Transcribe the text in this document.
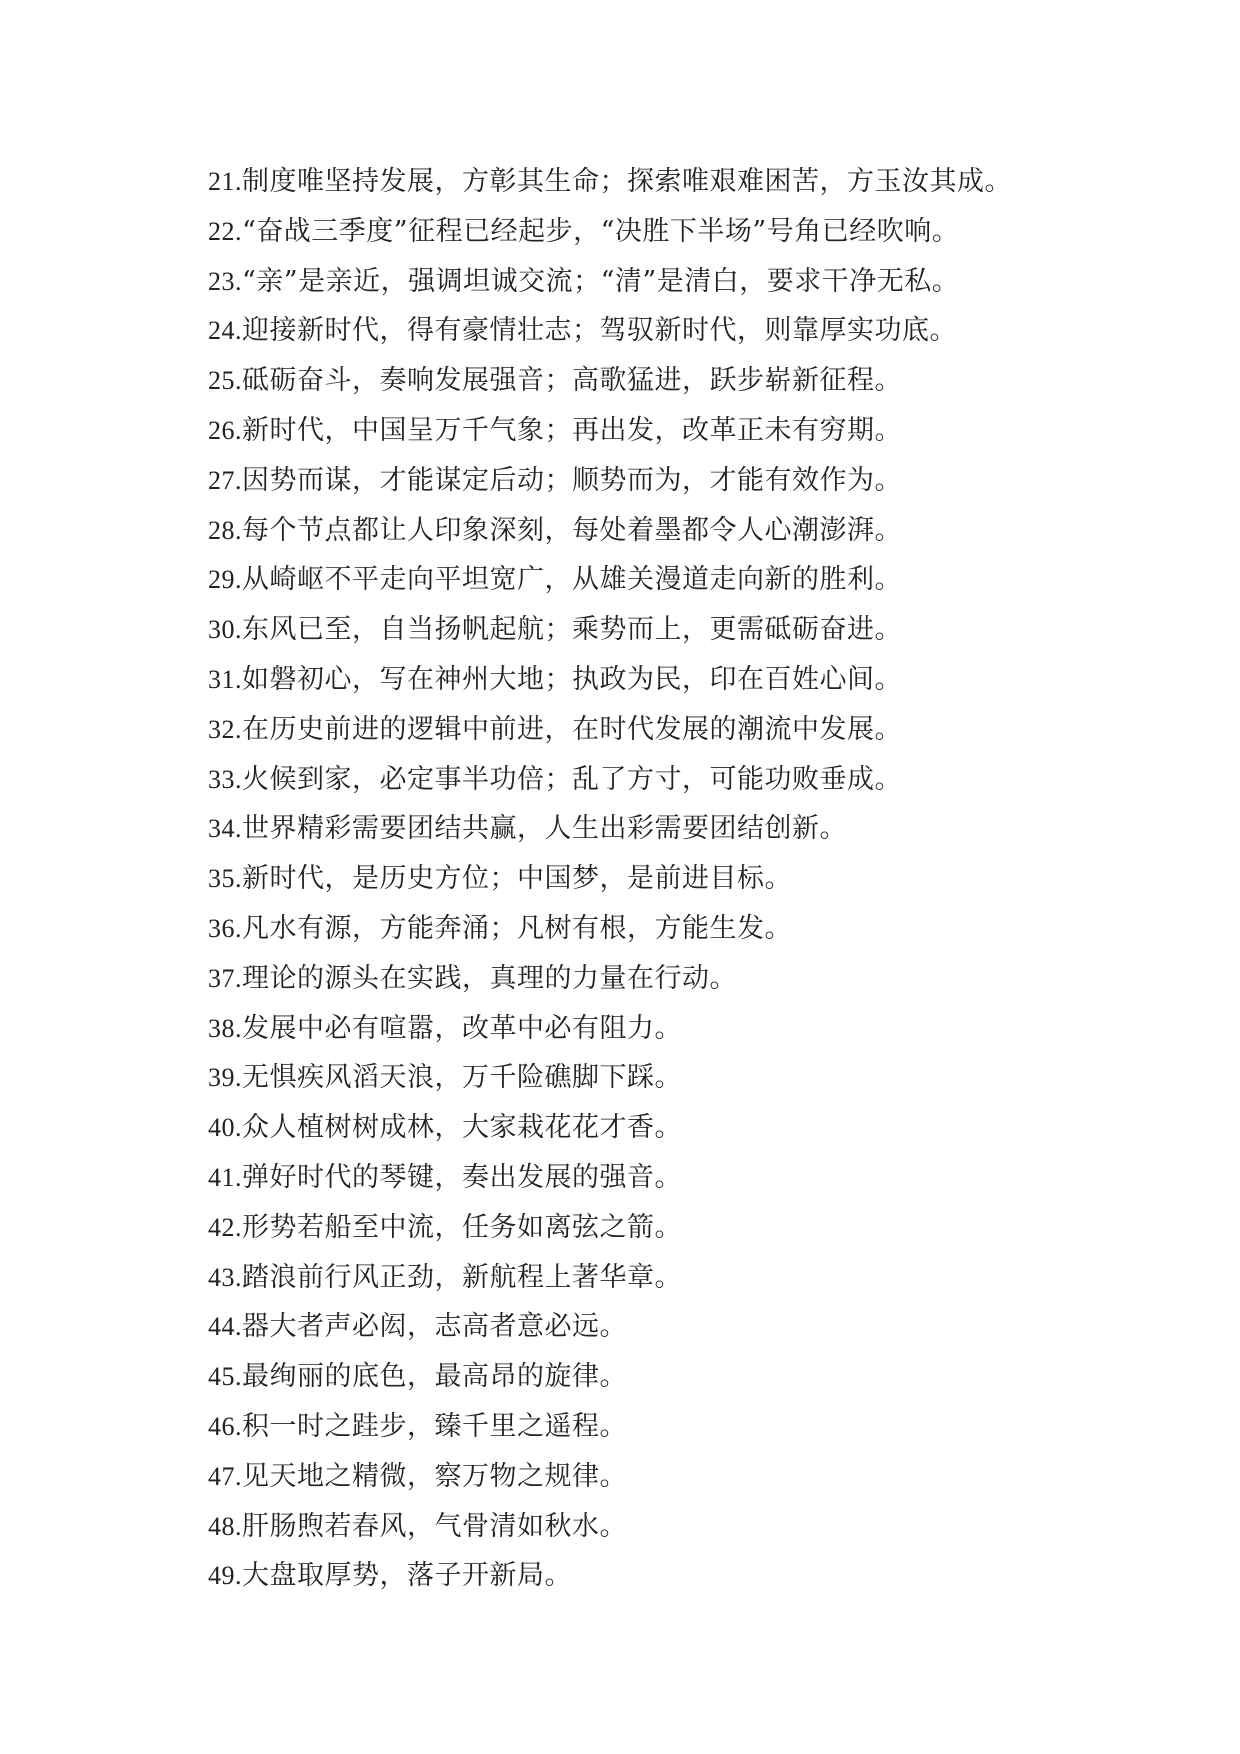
21.制度唯坚持发展，方彰其生命；探索唯艰难困苦，方玉汝其成。
22.“奋战三季度”征程已经起步，“决胜下半场”号角已经吹响。
23.“亲”是亲近，强调坦诚交流；“清”是清白，要求干净无私。
24.迎接新时代，得有豪情壮志；驾驭新时代，则靠厚实功底。
25.砥砺奋斗，奏响发展强音；高歌猛进，跃步崭新征程。
26.新时代，中国呈万千气象；再出发，改革正未有穷期。
27.因势而谋，才能谋定后动；顺势而为，才能有效作为。
28.每个节点都让人印象深刻，每处着墨都令人心潮澎湃。
29.从崎岖不平走向平坦宽广，从雄关漫道走向新的胜利。
30.东风已至，自当扬帆起航；乘势而上，更需砥砺奋进。
31.如磐初心，写在神州大地；执政为民，印在百姓心间。
32.在历史前进的逻辑中前进，在时代发展的潮流中发展。
33.火候到家，必定事半功倍；乱了方寸，可能功败垂成。
34.世界精彩需要团结共赢，人生出彩需要团结创新。
35.新时代，是历史方位；中国梦，是前进目标。
36.凡水有源，方能奔涌；凡树有根，方能生发。
37.理论的源头在实践，真理的力量在行动。
38.发展中必有喧嚣，改革中必有阻力。
39.无惧疾风滔天浪，万千险礁脚下踩。
40.众人植树树成林，大家栽花花才香。
41.弹好时代的琴键，奏出发展的强音。
42.形势若船至中流，任务如离弦之箭。
43.踏浪前行风正劲，新航程上著华章。
44.器大者声必闳，志高者意必远。
45.最绚丽的底色，最高昂的旋律。
46.积一时之跬步，臻千里之遥程。
47.见天地之精微，察万物之规律。
48.肝肠煦若春风，气骨清如秋水。
49.大盘取厚势，落子开新局。
